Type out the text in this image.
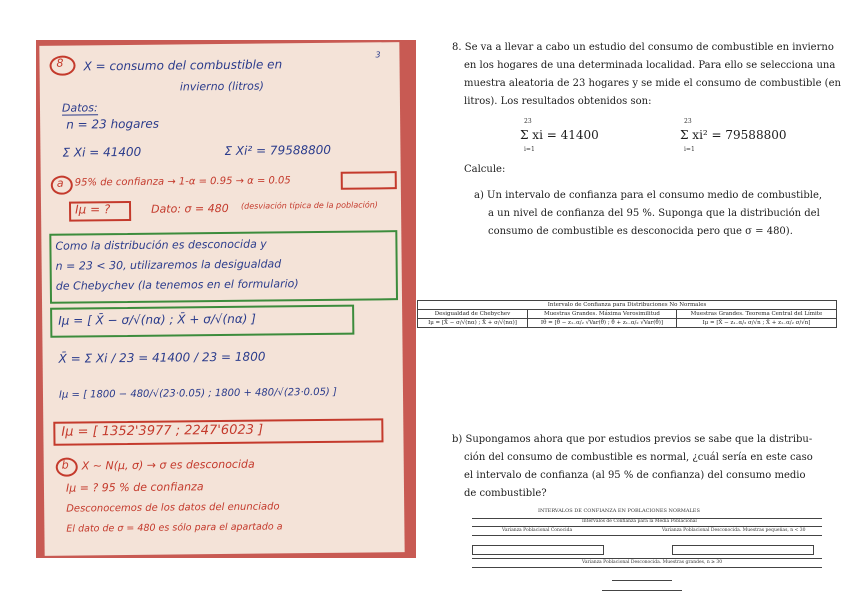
3
8 X = consumo del combustible en
invierno (litros)
Datos:
n = 23 hogares
Σ Xi = 41400	Σ Xi² = 79588800
a 95% de confianza → 1-α = 0.95 → α = 0.05
Iμ = ?	Dato: σ = 480 (desviación típica de la población)
Como la distribución es desconocida y
n = 23 < 30, utilizaremos la desigualdad
de Chebychev (la tenemos en el formulario)
Iμ = [ X̄ − σ/√(nα) ; X̄ + σ/√(nα) ]
X̄ = Σ Xi / 23 = 41400 / 23 = 1800
Iμ = [ 1800 − 480/√(23·0.05) ; 1800 + 480/√(23·0.05) ]
Iμ = [ 1352'3977 ; 2247'6023 ]
b X ~ N(μ, σ) → σ es desconocida
Iμ = ? 95 % de confianza
Desconocemos de los datos del enunciado
El dato de σ = 480 es sólo para el apartado a
8. Se va a llevar a cabo un estudio del consumo de combustible en invierno
en los hogares de una determinada localidad. Para ello se selecciona una
muestra aleatoria de 23 hogares y se mide el consumo de combustible (en
litros). Los resultados obtenidos son:
23
Σ xi = 41400
i=1
23
Σ xi² = 79588800
i=1
Calcule:
a) Un intervalo de confianza para el consumo medio de combustible,
a un nivel de confianza del 95 %. Suponga que la distribución del
consumo de combustible es desconocida pero que σ = 480).
Intervalo de Confianza para Distribuciones No Normales		
Desigualdad de Chebychev	Muestras Grandes. Máxima Verosimilitud	Muestras Grandes. Teorema Central del Límite
Iμ = [X̄ − σ/√(nα) ; X̄ + σ/√(nα)]	Iθ = [θ̂ − z₁₋α/₂ √Var(θ̂) ; θ̂ + z₁₋α/₂ √Var(θ̂)]	Iμ = [X̄ − z₁₋α/₂ σ/√n ; X̄ + z₁₋α/₂ σ/√n]
b) Supongamos ahora que por estudios previos se sabe que la distribu-
ción del consumo de combustible es normal, ¿cuál sería en este caso
el intervalo de confianza (al 95 % de confianza) del consumo medio
de combustible?
INTERVALOS DE CONFIANZA EN POBLACIONES NORMALES
Intervalos de Confianza para la Media Poblacional
Varianza Poblacional Conocida	Varianza Poblacional Desconocida. Muestras pequeñas, n < 30
Varianza Poblacional Desconocida. Muestras grandes, n ≥ 30
